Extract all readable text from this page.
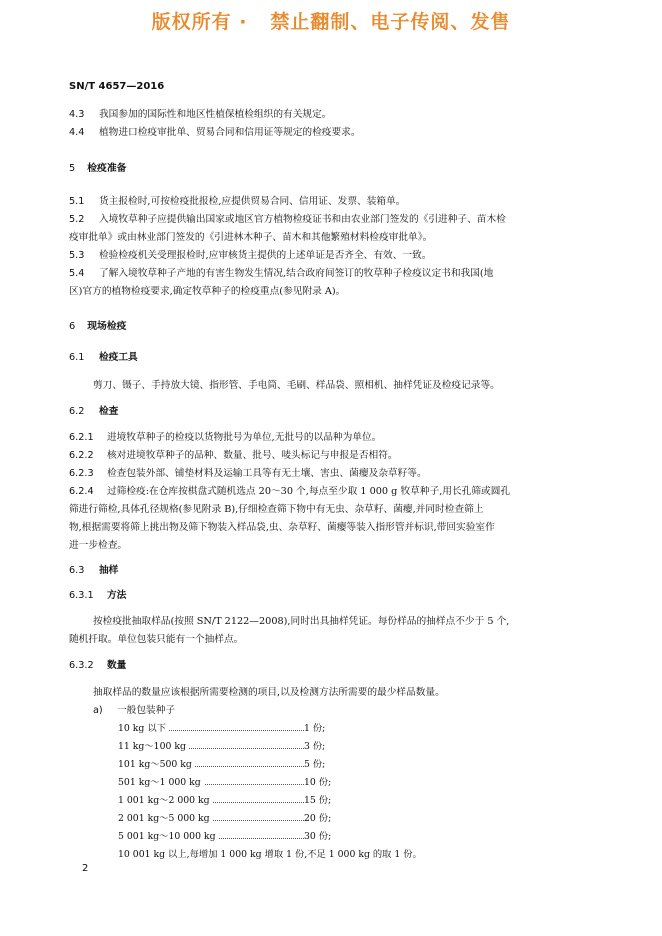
版权所有 ·   禁止翻制、电子传阅、发售
SN/T 4657—2016
4.3 我国参加的国际性和地区性植保植检组织的有关规定。
4.4 植物进口检疫审批单、贸易合同和信用证等规定的检疫要求。
5 检疫准备
5.1 货主报检时,可按检疫批报检,应提供贸易合同、信用证、发票、装箱单。
5.2 入境牧草种子应提供输出国家或地区官方植物检疫证书和由农业部门签发的《引进种子、苗木检
疫审批单》或由林业部门签发的《引进林木种子、苗木和其他繁殖材料检疫审批单》。
5.3 检验检疫机关受理报检时,应审核货主提供的上述单证是否齐全、有效、一致。
5.4 了解入境牧草种子产地的有害生物发生情况,结合政府间签订的牧草种子检疫议定书和我国(地
区)官方的植物检疫要求,确定牧草种子的检疫重点(参见附录 A)。
6 现场检疫
6.1 检疫工具
剪刀、镊子、手持放大镜、指形管、手电筒、毛刷、样品袋、照相机、抽样凭证及检疫记录等。
6.2 检查
6.2.1 进境牧草种子的检疫以货物批号为单位,无批号的以品种为单位。
6.2.2 核对进境牧草种子的品种、数量、批号、唛头标记与申报是否相符。
6.2.3 检查包装外部、铺垫材料及运输工具等有无土壤、害虫、菌瘿及杂草籽等。
6.2.4 过筛检疫:在仓库按棋盘式随机选点 20～30 个,每点至少取 1 000 g 牧草种子,用长孔筛或圆孔
筛进行筛检,具体孔径规格(参见附录 B),仔细检查筛下物中有无虫、杂草籽、菌瘿,并同时检查筛上
物,根据需要将筛上挑出物及筛下物装入样品袋,虫、杂草籽、菌瘿等装入指形管并标识,带回实验室作
进一步检查。
6.3 抽样
6.3.1 方法
按检疫批抽取样品(按照 SN/T 2122—2008),同时出具抽样凭证。每份样品的抽样点不少于 5 个,
随机扦取。单位包装只能有一个抽样点。
6.3.2 数量
抽取样品的数量应该根据所需要检测的项目,以及检测方法所需要的最少样品数量。
a) 一般包装种子
10 kg 以下	1 份;
11 kg～100 kg	3 份;
101 kg～500 kg	5 份;
501 kg～1 000 kg	10 份;
1 001 kg～2 000 kg	15 份;
2 001 kg～5 000 kg	20 份;
5 001 kg～10 000 kg	30 份;
10 001 kg 以上,每增加 1 000 kg 增取 1 份,不足 1 000 kg 的取 1 份。
2
